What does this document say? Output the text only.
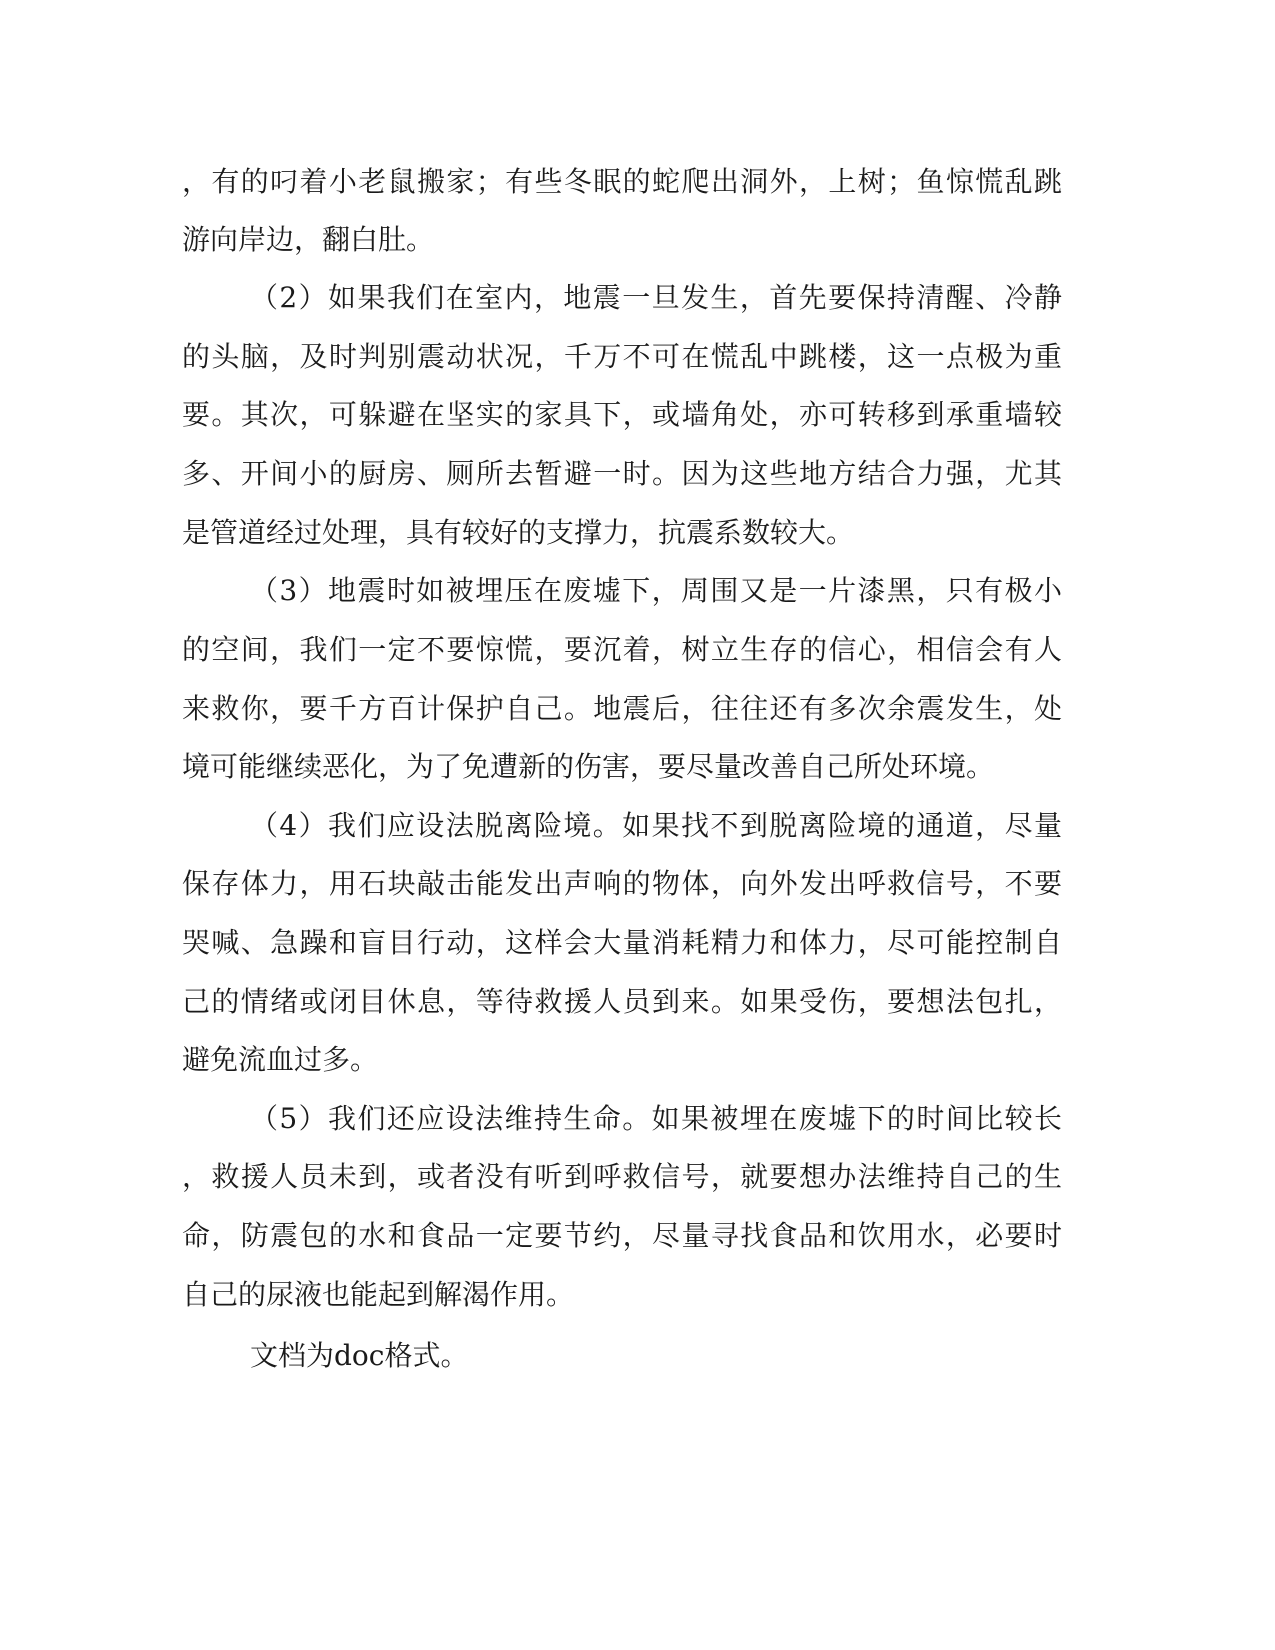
，有的叼着小老鼠搬家；有些冬眠的蛇爬出洞外，上树；鱼惊慌乱跳

游向岸边，翻白肚。

（2）如果我们在室内，地震一旦发生，首先要保持清醒、冷静

的头脑，及时判别震动状况，千万不可在慌乱中跳楼，这一点极为重

要。其次，可躲避在坚实的家具下，或墙角处，亦可转移到承重墙较

多、开间小的厨房、厕所去暂避一时。因为这些地方结合力强，尤其

是管道经过处理，具有较好的支撑力，抗震系数较大。

（3）地震时如被埋压在废墟下，周围又是一片漆黑，只有极小

的空间，我们一定不要惊慌，要沉着，树立生存的信心，相信会有人

来救你，要千方百计保护自己。地震后，往往还有多次余震发生，处

境可能继续恶化，为了免遭新的伤害，要尽量改善自己所处环境。

（4）我们应设法脱离险境。如果找不到脱离险境的通道，尽量

保存体力，用石块敲击能发出声响的物体，向外发出呼救信号，不要

哭喊、急躁和盲目行动，这样会大量消耗精力和体力，尽可能控制自

己的情绪或闭目休息，等待救援人员到来。如果受伤，要想法包扎，

避免流血过多。

（5）我们还应设法维持生命。如果被埋在废墟下的时间比较长

，救援人员未到，或者没有听到呼救信号，就要想办法维持自己的生

命，防震包的水和食品一定要节约，尽量寻找食品和饮用水，必要时

自己的尿液也能起到解渴作用。

文档为doc格式。
